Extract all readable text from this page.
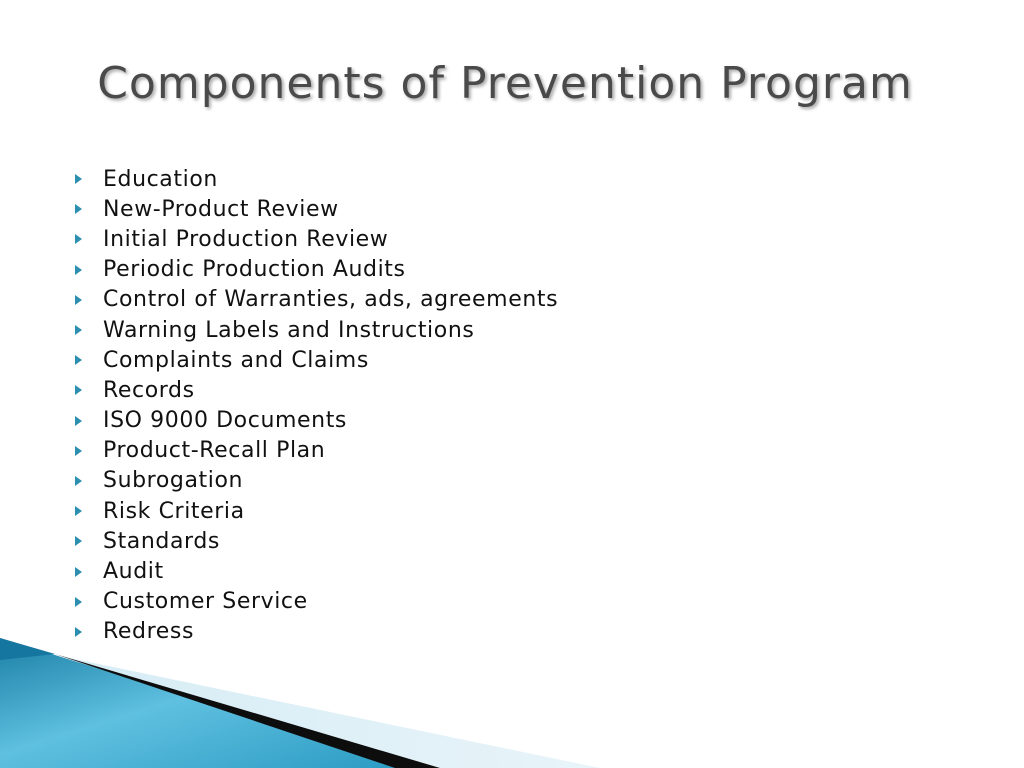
Components of Prevention Program
Education
New-Product Review
Initial Production Review
Periodic Production Audits
Control of Warranties, ads, agreements
Warning Labels and Instructions
Complaints and Claims
Records
ISO 9000 Documents
Product-Recall Plan
Subrogation
Risk Criteria
Standards
Audit
Customer Service
Redress
